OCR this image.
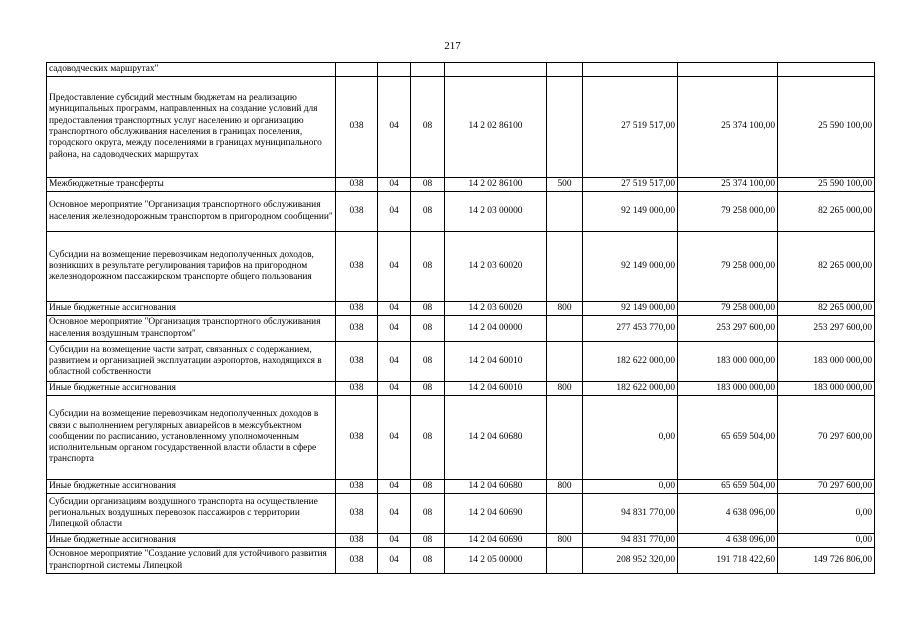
217
садоводческих маршрутах"								
Предоставление субсидий местным бюджетам на реализацию муниципальных программ, направленных на создание условий для предоставления транспортных услуг населению и организацию транспортного обслуживания населения в границах поселения, городского округа, между поселениями в границах муниципального района, на садоводческих маршрутах	038	04	08	14 2 02 86100		27 519 517,00	25 374 100,00	25 590 100,00
Межбюджетные трансферты	038	04	08	14 2 02 86100	500	27 519 517,00	25 374 100,00	25 590 100,00
Основное мероприятие "Организация транспортного обслуживания населения железнодорожным транспортом в пригородном сообщении"	038	04	08	14 2 03 00000		92 149 000,00	79 258 000,00	82 265 000,00
Субсидии на возмещение перевозчикам недополученных доходов, возникших в результате регулирования тарифов на пригородном железнодорожном пассажирском транспорте общего пользования	038	04	08	14 2 03 60020		92 149 000,00	79 258 000,00	82 265 000,00
Иные бюджетные ассигнования	038	04	08	14 2 03 60020	800	92 149 000,00	79 258 000,00	82 265 000,00
Основное мероприятие "Организация транспортного обслуживания населения воздушным транспортом"	038	04	08	14 2 04 00000		277 453 770,00	253 297 600,00	253 297 600,00
Субсидии на возмещение части затрат, связанных с содержанием, развитием и организацией эксплуатации аэропортов, находящихся в областной собственности	038	04	08	14 2 04 60010		182 622 000,00	183 000 000,00	183 000 000,00
Иные бюджетные ассигнования	038	04	08	14 2 04 60010	800	182 622 000,00	183 000 000,00	183 000 000,00
Субсидии на возмещение перевозчикам недополученных доходов в связи с выполнением регулярных авиарейсов в межсубъектном сообщении по расписанию, установленному уполномоченным исполнительным органом государственной власти области в сфере транспорта	038	04	08	14 2 04 60680		0,00	65 659 504,00	70 297 600,00
Иные бюджетные ассигнования	038	04	08	14 2 04 60680	800	0,00	65 659 504,00	70 297 600,00
Субсидии организациям воздушного транспорта на осуществление региональных воздушных перевозок пассажиров с территории Липецкой области	038	04	08	14 2 04 60690		94 831 770,00	4 638 096,00	0,00
Иные бюджетные ассигнования	038	04	08	14 2 04 60690	800	94 831 770,00	4 638 096,00	0,00
Основное мероприятие "Создание условий для устойчивого развития транспортной системы Липецкой	038	04	08	14 2 05 00000		208 952 320,00	191 718 422,60	149 726 806,00
